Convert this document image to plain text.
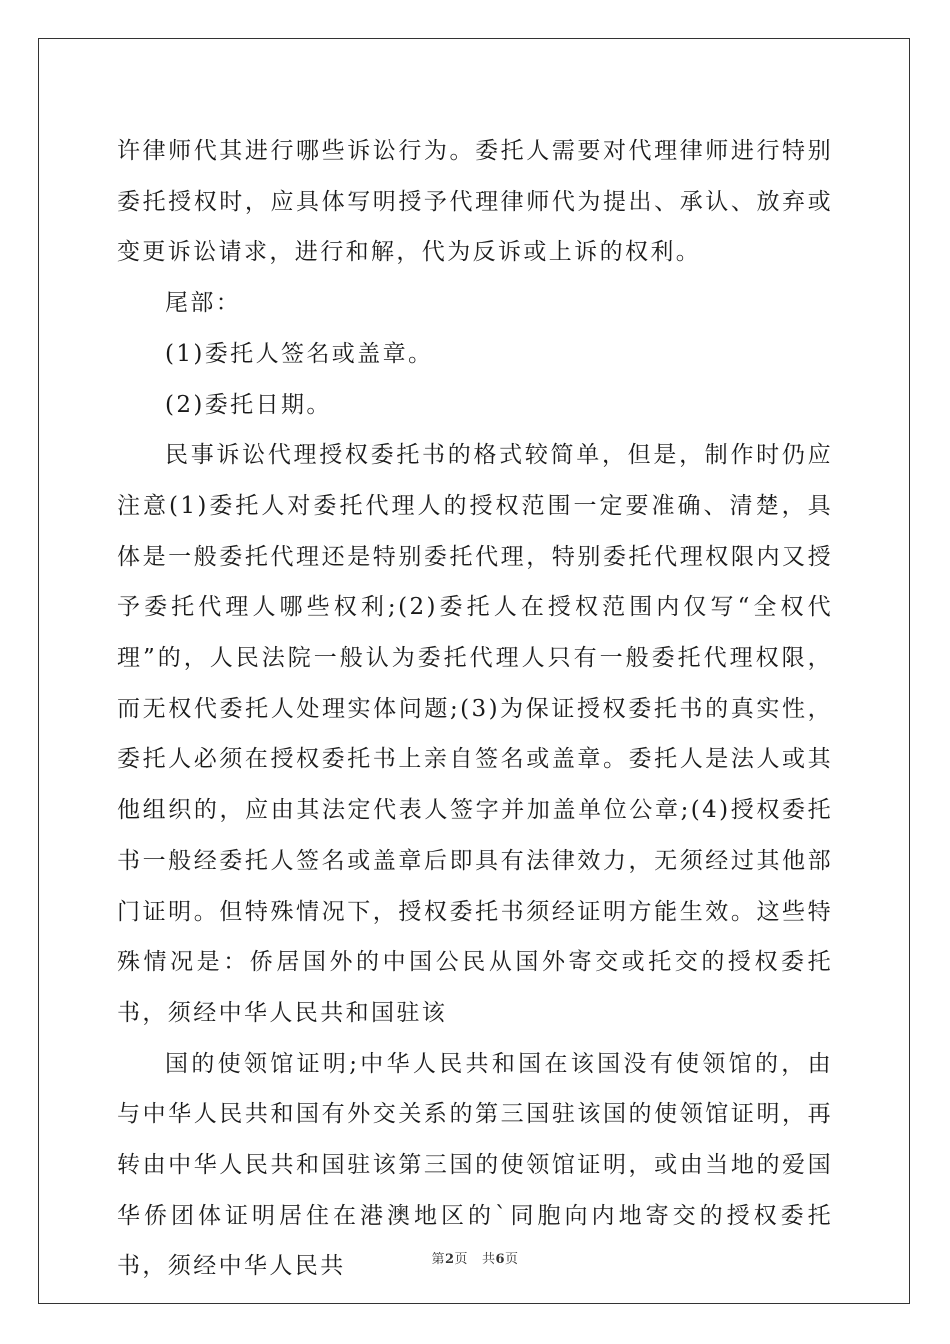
许律师代其进行哪些诉讼行为。委托人需要对代理律师进行特别委托授权时，应具体写明授予代理律师代为提出、承认、放弃或变更诉讼请求，进行和解，代为反诉或上诉的权利。

尾部：

(1)委托人签名或盖章。

(2)委托日期。

民事诉讼代理授权委托书的格式较简单，但是，制作时仍应注意(1)委托人对委托代理人的授权范围一定要准确、清楚，具体是一般委托代理还是特别委托代理，特别委托代理权限内又授予委托代理人哪些权利;(2)委托人在授权范围内仅写“全权代理”的，人民法院一般认为委托代理人只有一般委托代理权限，而无权代委托人处理实体问题;(3)为保证授权委托书的真实性，委托人必须在授权委托书上亲自签名或盖章。委托人是法人或其他组织的，应由其法定代表人签字并加盖单位公章;(4)授权委托书一般经委托人签名或盖章后即具有法律效力，无须经过其他部门证明。但特殊情况下，授权委托书须经证明方能生效。这些特殊情况是：侨居国外的中国公民从国外寄交或托交的授权委托书，须经中华人民共和国驻该

国的使领馆证明;中华人民共和国在该国没有使领馆的，由与中华人民共和国有外交关系的第三国驻该国的使领馆证明，再转由中华人民共和国驻该第三国的使领馆证明，或由当地的爱国华侨团体证明居住在港澳地区的`同胞向内地寄交的授权委托书，须经中华人民共	第2页 共6页
